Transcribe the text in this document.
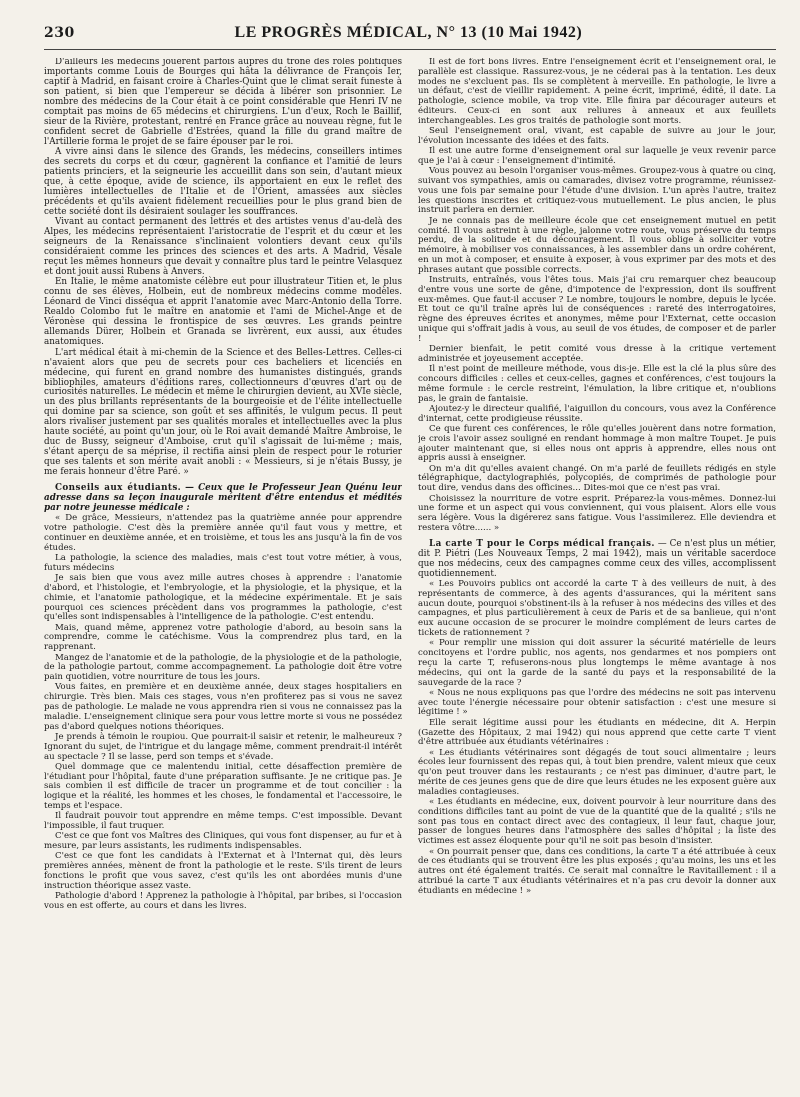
230	LE PROGRÈS MÉDICAL, N° 13 (10 Mai 1942)

D'ailleurs les médecins jouèrent parfois auprès du trône des rôles politiques importants comme Louis de Bourges qui hâta la délivrance de François Ier, captif à Madrid, en faisant croire à Charles-Quint que le climat serait funeste à son patient, si bien que l'empereur se décida à libérer son prisonnier. Le nombre des médecins de la Cour était à ce point considérable que Henri IV ne comptait pas moins de 65 médecins et chirurgiens. L'un d'eux, Roch le Baillif, sieur de la Rivière, protestant, rentré en France grâce au nouveau règne, fut le confident secret de Gabrielle d'Estrées, quand la fille du grand maître de l'Artillerie forma le projet de se faire épouser par le roi.

A vivre ainsi dans le silence des Grands, les médecins, conseillers intimes des secrets du corps et du cœur, gagnèrent la confiance et l'amitié de leurs patients princiers, et la seigneurie les accueillit dans son sein, d'autant mieux que, à cette époque, avide de science, ils apportaient en eux le reflet des lumières intellectuelles de l'Italie et de l'Orient, amassées aux siècles précédents et qu'ils avaient fidèlement recueillies pour le plus grand bien de cette société dont ils désiraient soulager les souffrances.

Vivant au contact permanent des lettrés et des artistes venus d'au-delà des Alpes, les médecins représentaient l'aristocratie de l'esprit et du cœur et les seigneurs de la Renaissance s'inclinaient volontiers devant ceux qu'ils considéraient comme les princes des sciences et des arts. A Madrid, Vésale reçut les mêmes honneurs que devait y connaître plus tard le peintre Velasquez et dont jouit aussi Rubens à Anvers.

En Italie, le même anatomiste célèbre eut pour illustrateur Titien et, le plus connu de ses élèves, Holbein, eut de nombreux médecins comme modèles. Léonard de Vinci disséqua et apprit l'anatomie avec Marc-Antonio della Torre. Realdo Colombo fut le maître en anatomie et l'ami de Michel-Ange et de Véronèse qui dessina le frontispice de ses œuvres. Les grands peintre allemands Dürer, Holbein et Granada se livrèrent, eux aussi, aux études anatomiques.

L'art médical était à mi-chemin de la Science et des Belles-Lettres. Celles-ci n'avaient alors que peu de secrets pour ces bacheliers et licenciés en médecine, qui furent en grand nombre des humanistes distingués, grands bibliophiles, amateurs d'éditions rares, collectionneurs d'œuvres d'art ou de curiosités naturelles. Le médecin et même le chirurgien devient, au XVIe siècle, un des plus brillants représentants de la bourgeoisie et de l'élite intellectuelle qui domine par sa science, son goût et ses affinités, le vulgum pecus. Il peut alors rivaliser justement par ses qualités morales et intellectuelles avec la plus haute société, au point qu'un jour, où le Roi avait demandé Maître Ambroise, le duc de Bussy, seigneur d'Amboise, crut qu'il s'agissait de lui-même ; mais, s'étant aperçu de sa méprise, il rectifia ainsi plein de respect pour le roturier que ses talents et son mérite avait anobli : « Messieurs, si je n'étais Bussy, je me ferais honneur d'être Paré. »

Conseils aux étudiants. — Ceux que le Professeur Jean Quénu leur adresse dans sa leçon inaugurale méritent d'être entendus et médités par notre jeunesse médicale :

« De grâce, Messieurs, n'attendez pas la quatrième année pour apprendre votre pathologie. C'est dès la première année qu'il faut vous y mettre, et continuer en deuxième année, et en troisième, et tous les ans jusqu'à la fin de vos études.

La pathologie, la science des maladies, mais c'est tout votre métier, à vous, futurs médecins

Je sais bien que vous avez mille autres choses à apprendre : l'anatomie d'abord, et l'histologie, et l'embryologie, et la physiologie, et la physique, et la chimie, et l'anatomie pathologique, et la médecine expérimentale. Et je sais pourquoi ces sciences précèdent dans vos programmes la pathologie, c'est qu'elles sont indispensables à l'intelligence de la pathologie. C'est entendu.

Mais, quand même, apprenez votre pathologie d'abord, au besoin sans la comprendre, comme le catéchisme. Vous la comprendrez plus tard, en la rapprenant.

Mangez de l'anatomie et de la pathologie, de la physiologie et de la pathologie, de la pathologie partout, comme accompagnement. La pathologie doit être votre pain quotidien, votre nourriture de tous les jours.

Vous faites, en première et en deuxième année, deux stages hospitaliers en chirurgie. Très bien. Mais ces stages, vous n'en profiterez pas si vous ne savez pas de pathologie. Le malade ne vous apprendra rien si vous ne connaissez pas la maladie. L'enseignement clinique sera pour vous lettre morte si vous ne possédez pas d'abord quelques notions théoriques.

Je prends à témoin le roupiou. Que pourrait-il saisir et retenir, le malheureux ? Ignorant du sujet, de l'intrigue et du langage même, comment prendrait-il intérêt au spectacle ? Il se lasse, perd son temps et s'évade.

Quel dommage que ce malentendu initial, cette désaffection première de l'étudiant pour l'hôpital, faute d'une préparation suffisante. Je ne critique pas. Je sais combien il est difficile de tracer un programme et de tout concilier : la logique et la réalité, les hommes et les choses, le fondamental et l'accessoire, le temps et l'espace.

Il faudrait pouvoir tout apprendre en même temps. C'est impossible. Devant l'impossible, il faut truquer.

C'est ce que font vos Maîtres des Cliniques, qui vous font dispenser, au fur et à mesure, par leurs assistants, les rudiments indispensables.

C'est ce que font les candidats à l'Externat et à l'Internat qui, dès leurs premières années, mènent de front la pathologie et le reste. S'ils tirent de leurs fonctions le profit que vous savez, c'est qu'ils les ont abordées munis d'une instruction théorique assez vaste.

Pathologie d'abord ! Apprenez la pathologie à l'hôpital, par bribes, si l'occasion vous en est offerte, au cours et dans les livres.

Il est de fort bons livres. Entre l'enseignement écrit et l'enseignement oral, le parallèle est classique. Rassurez-vous, je ne céderai pas à la tentation. Les deux modes ne s'excluent pas. Ils se complètent à merveille. En pathologie, le livre a un défaut, c'est de vieillir rapidement. A peine écrit, imprimé, édité, il date. La pathologie, science mobile, va trop vite. Elle finira par décourager auteurs et éditeurs. Ceux-ci en sont aux reliures à anneaux et aux feuillets interchangeables. Les gros traités de pathologie sont morts.

Seul l'enseignement oral, vivant, est capable de suivre au jour le jour, l'évolution incessante des idées et des faits.

Il est une autre forme d'enseignement oral sur laquelle je veux revenir parce que je l'ai à cœur : l'enseignement d'intimité.

Vous pouvez au besoin l'organiser vous-mêmes. Groupez-vous à quatre ou cinq, suivant vos sympathies, amis ou camarades, divisez votre programme, réunissez-vous une fois par semaine pour l'étude d'une division. L'un après l'autre, traitez les questions inscrites et critiquez-vous mutuellement. Le plus ancien, le plus instruit parlera en dernier.

Je ne connais pas de meilleure école que cet enseignement mutuel en petit comité. Il vous astreint à une règle, jalonne votre route, vous préserve du temps perdu, de la solitude et du découragement. Il vous oblige à solliciter votre mémoire, à mobiliser vos connaissances, à les assembler dans un ordre cohérent, en un mot à composer, et ensuite à exposer, à vous exprimer par des mots et des phrases autant que possible corrects.

Instruits, entraînés, vous l'êtes tous. Mais j'ai cru remarquer chez beaucoup d'entre vous une sorte de gêne, d'impotence de l'expression, dont ils souffrent eux-mêmes. Que faut-il accuser ? Le nombre, toujours le nombre, depuis le lycée. Et tout ce qu'il traîne après lui de conséquences : rareté des interrogatoires, règne des épreuves écrites et anonymes, même pour l'Externat, cette occasion unique qui s'offrait jadis à vous, au seuil de vos études, de composer et de parler !

Dernier bienfait, le petit comité vous dresse à la critique vertement administrée et joyeusement acceptée.

Il n'est point de meilleure méthode, vous dis-je. Elle est la clé la plus sûre des concours difficiles : celles et ceux-celles, gagnes et conférences, c'est toujours la même formule : le cercle restreint, l'émulation, la libre critique et, n'oublions pas, le grain de fantaisie.

Ajoutez-y le directeur qualifié, l'aiguillon du concours, vous avez la Conférence d'internat, cette prodigieuse réussite.

Ce que furent ces conférences, le rôle qu'elles jouèrent dans notre formation, je crois l'avoir assez souligné en rendant hommage à mon maître Toupet. Je puis ajouter maintenant que, si elles nous ont appris à apprendre, elles nous ont appris aussi à enseigner.

On m'a dit qu'elles avaient changé. On m'a parlé de feuillets rédigés en style télégraphique, dactylographiés, polycopiés, de comprimés de pathologie pour tout dire, vendus dans des officines... Dites-moi que ce n'est pas vrai.

Choisissez la nourriture de votre esprit. Préparez-la vous-mêmes. Donnez-lui une forme et un aspect qui vous conviennent, qui vous plaisent. Alors elle vous sera légère. Vous la digérerez sans fatigue. Vous l'assimilerez. Elle deviendra et restera vôtre...... »

La carte T pour le Corps médical français. — Ce n'est plus un métier, dit P. Piétri (Les Nouveaux Temps, 2 mai 1942), mais un véritable sacerdoce que nos médecins, ceux des campagnes comme ceux des villes, accomplissent quotidiennement.

« Les Pouvoirs publics ont accordé la carte T à des veilleurs de nuit, à des représentants de commerce, à des agents d'assurances, qui la méritent sans aucun doute, pourquoi s'obstinent-ils à la refuser à nos médecins des villes et des campagnes, et plus particulièrement à ceux de Paris et de sa banlieue, qui n'ont eux aucune occasion de se procurer le moindre complément de leurs cartes de tickets de rationnement ?

« Pour remplir une mission qui doit assurer la sécurité matérielle de leurs concitoyens et l'ordre public, nos agents, nos gendarmes et nos pompiers ont reçu la carte T, refuserons-nous plus longtemps le même avantage à nos médecins, qui ont la garde de la santé du pays et la responsabilité de la sauvegarde de la race ?

« Nous ne nous expliquons pas que l'ordre des médecins ne soit pas intervenu avec toute l'énergie nécessaire pour obtenir satisfaction : c'est une mesure si légitime ! »

Elle serait légitime aussi pour les étudiants en médecine, dit A. Herpin (Gazette des Hôpitaux, 2 mai 1942) qui nous apprend que cette carte T vient d'être attribuée aux étudiants vétérinaires :

« Les étudiants vétérinaires sont dégagés de tout souci alimentaire ; leurs écoles leur fournissent des repas qui, à tout bien prendre, valent mieux que ceux qu'on peut trouver dans les restaurants ; ce n'est pas diminuer, d'autre part, le mérite de ces jeunes gens que de dire que leurs études ne les exposent guère aux maladies contagieuses.

« Les étudiants en médecine, eux, doivent pourvoir à leur nourriture dans des conditions difficiles tant au point de vue de la quantité que de la qualité ; s'ils ne sont pas tous en contact direct avec des contagieux, il leur faut, chaque jour, passer de longues heures dans l'atmosphère des salles d'hôpital ; la liste des victimes est assez éloquente pour qu'il ne soit pas besoin d'insister.

« On pourrait penser que, dans ces conditions, la carte T a été attribuée à ceux de ces étudiants qui se trouvent être les plus exposés ; qu'au moins, les uns et les autres ont été également traités. Ce serait mal connaître le Ravitaillement : il a attribué la carte T aux étudiants vétérinaires et n'a pas cru devoir la donner aux étudiants en médecine ! »
